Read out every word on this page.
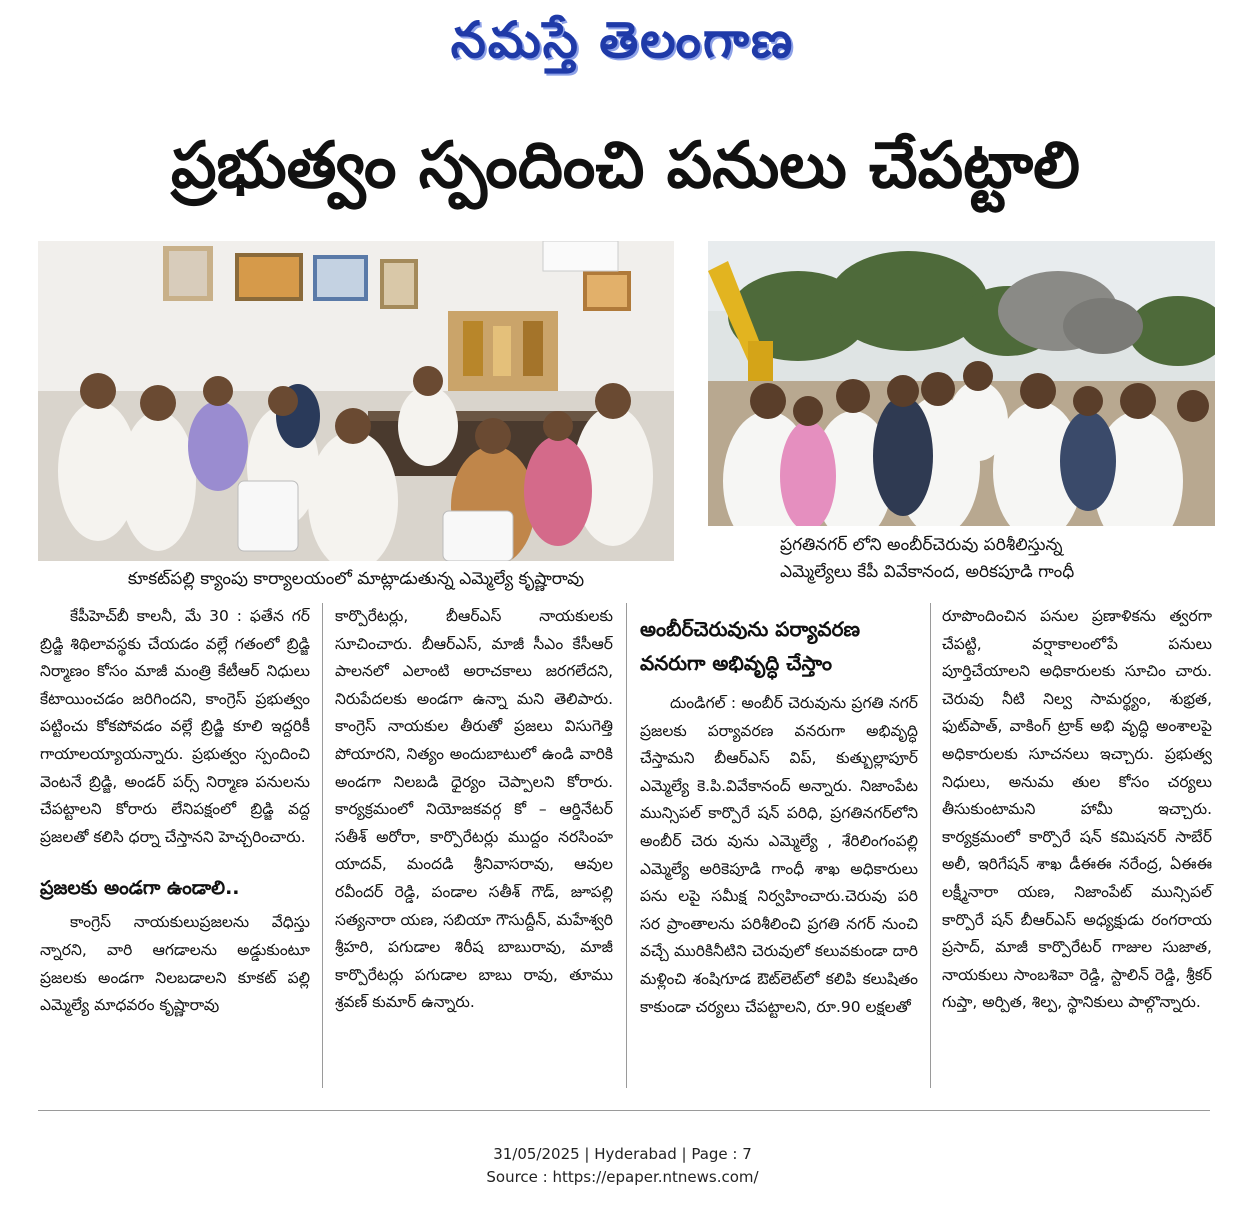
నమస్తే తెలంగాణ
ప్రభుత్వం స్పందించి పనులు చేపట్టాలి
కూకట్‌పల్లి క్యాంపు కార్యాలయంలో మాట్లాడుతున్న ఎమ్మెల్యే కృష్ణారావు
ప్రగతినగర్ లోని అంబీర్‌చెరువు పరిశీలిస్తున్న
ఎమ్మెల్యేలు కేపీ వివేకానంద, అరికపూడి గాంధీ

కేపీహెచ్‌బీ కాలనీ, మే 30 : ఫతేన గర్ బ్రిడ్జి శిథిలావస్థకు చేయడం వల్లే గతంలో బ్రిడ్జి నిర్మాణం కోసం మాజీ మంత్రి కేటీఆర్ నిధులు కేటాయించడం జరిగిందని, కాంగ్రెస్ ప్రభుత్వం పట్టించు కోకపోవడం వల్లే బ్రిడ్జి కూలి ఇద్దరికీ గాయాలయ్యాయన్నారు. ప్రభుత్వం స్పందించి వెంటనే బ్రిడ్జి, అండర్ పర్స్ నిర్మాణ పనులను చేపట్టాలని కోరారు లేనిపక్షంలో బ్రిడ్జి వద్ద ప్రజలతో కలిసి ధర్నా చేస్తానని హెచ్చరించారు.

ప్రజలకు అండగా ఉండాలి..

కాంగ్రెస్ నాయకులుప్రజలను వేధిస్తు న్నారని, వారి ఆగడాలను అడ్డుకుంటూ ప్రజలకు అండగా నిలబడాలని కూకట్ పల్లి ఎమ్మెల్యే మాధవరం కృష్ణారావు

కార్పొరేటర్లు, బీఆర్ఎస్ నాయకులకు సూచించారు. బీఆర్ఎస్, మాజీ సీఎం కేసీఆర్ పాలనలో ఎలాంటి అరాచకాలు జరగలేదని, నిరుపేదలకు అండగా ఉన్నా మని తెలిపారు. కాంగ్రెస్ నాయకుల తీరుతో ప్రజలు విసుగెత్తి పోయారని, నిత్యం అందుబాటులో ఉండి వారికి అండగా నిలబడి ధైర్యం చెప్పాలని కోరారు. కార్యక్రమంలో నియోజకవర్గ కో – ఆర్డినేటర్ సతీశ్ అరోరా, కార్పొరేటర్లు ముద్దం నరసింహ యాదవ్, మందడి శ్రీనివాసరావు, ఆవుల రవీందర్ రెడ్డి, పండాల సతీశ్ గౌడ్, జూపల్లి సత్యనారా యణ, సబియా గౌసుద్దీన్, మహేశ్వరి శ్రీహరి, పగుడాల శిరీష బాబురావు, మాజీ కార్పొరేటర్లు పగుడాల బాబు రావు, తూము శ్రవణ్ కుమార్ ఉన్నారు.

అంబీర్‌చెరువును పర్యావరణ
వనరుగా అభివృద్ధి చేస్తాం

దుండిగల్ : అంబీర్ చెరువును ప్రగతి నగర్ ప్రజలకు పర్యావరణ వనరుగా అభివృద్ధి చేస్తామని బీఆర్ఎస్ విప్, కుత్బుల్లాపూర్ ఎమ్మెల్యే కె.పి.వివేకానంద్ అన్నారు. నిజాంపేట మున్సిపల్ కార్పొరే షన్ పరిధి, ప్రగతినగర్‌లోని అంబీర్ చెరు వును ఎమ్మెల్యే , శేరిలింగంపల్లి ఎమ్మెల్యే అరికెపూడి గాంధీ శాఖ అధికారులు పను లపై సమీక్ష నిర్వహించారు.చెరువు పరి సర ప్రాంతాలను పరిశీలించి ప్రగతి నగర్ నుంచి వచ్చే మురికినీటిని చెరువులో కలువకుండా దారి మళ్లించి శంషిగూడ ఔట్‌లెట్‌లో కలిపి కలుషితం కాకుండా చర్యలు చేపట్టాలని, రూ.90 లక్షలతో

రూపొందించిన పనుల ప్రణాళికను త్వరగా చేపట్టి, వర్షాకాలంలోపే పనులు పూర్తిచేయాలని అధికారులకు సూచిం చారు. చెరువు నీటి నిల్వ సామర్థ్యం, శుభ్రత, ఫుట్‌పాత్, వాకింగ్ ట్రాక్ అభి వృద్ధి అంశాలపై అధికారులకు సూచనలు ఇచ్చారు. ప్రభుత్వ నిధులు, అనుమ తుల కోసం చర్యలు తీసుకుంటామని హామీ ఇచ్చారు. కార్యక్రమంలో కార్పొరే షన్ కమిషనర్ సాబేర్ అలీ, ఇరిగేషన్ శాఖ డీఈఈ నరేంద్ర, ఏఈఈ లక్ష్మీనారా యణ, నిజాంపేట్ మున్సిపల్ కార్పొరే షన్ బీఆర్ఎస్ అధ్యక్షుడు రంగరాయ ప్రసాద్, మాజీ కార్పొరేటర్ గాజుల సుజాత, నాయకులు సాంబశివా రెడ్డి, స్టాలిన్ రెడ్డి, శ్రీకర్ గుప్తా, అర్పిత, శిల్ప, స్థానికులు పాల్గొన్నారు.

31/05/2025 | Hyderabad | Page : 7
Source : https://epaper.ntnews.com/
